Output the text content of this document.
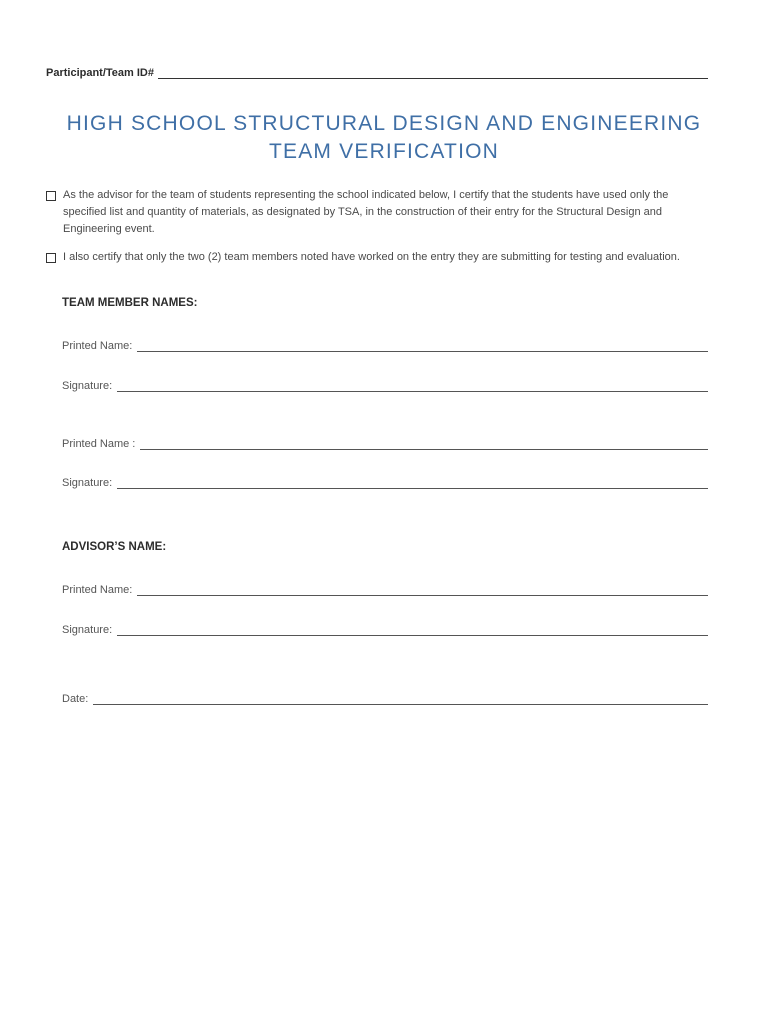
Participant/Team ID#
HIGH SCHOOL STRUCTURAL DESIGN AND ENGINEERING
TEAM VERIFICATION
As the advisor for the team of students representing the school indicated below, I certify that the students have used only the specified list and quantity of materials, as designated by TSA, in the construction of their entry for the Structural Design and Engineering event.
I also certify that only the two (2) team members noted have worked on the entry they are submitting for testing and evaluation.
TEAM MEMBER NAMES:
Printed Name:
Signature:
Printed Name :
Signature:
ADVISOR’S NAME:
Printed Name:
Signature:
Date:
